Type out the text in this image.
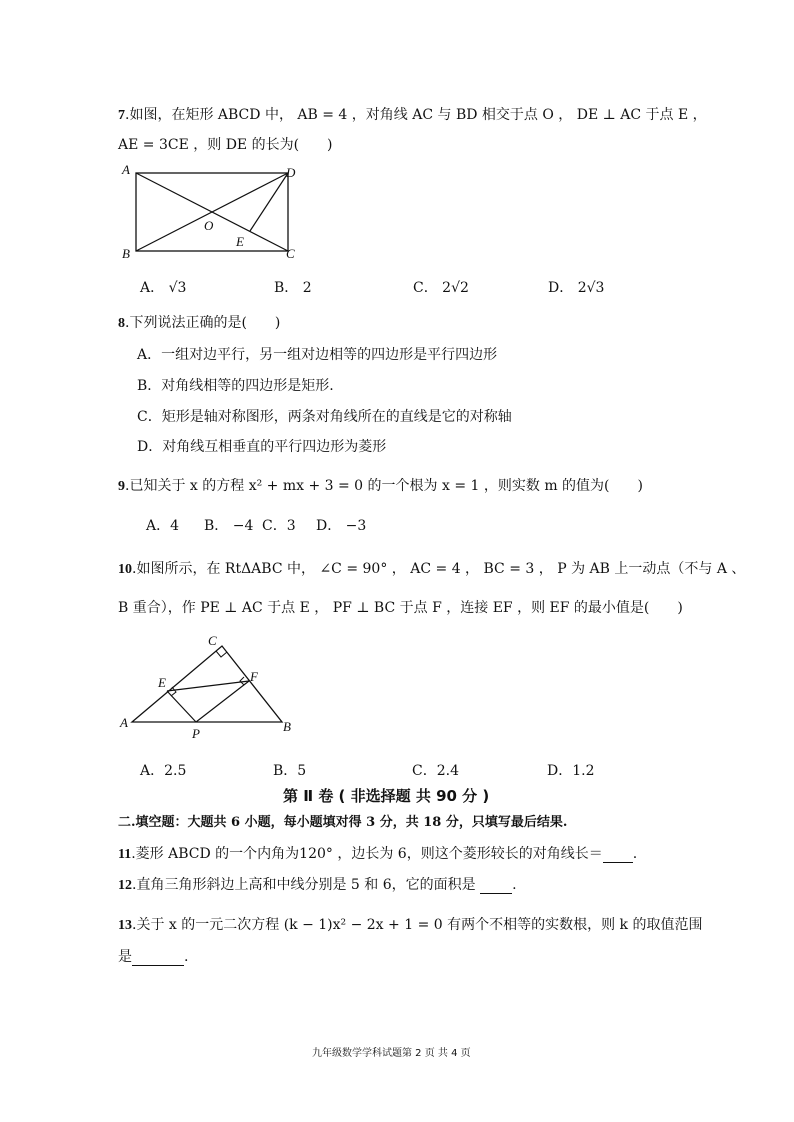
7.如图，在矩形 ABCD 中， AB = 4 ，对角线 AC 与 BD 相交于点 O ， DE ⊥ AC 于点 E ，
AE = 3CE ，则 DE 的长为(　　)
A
B	C
D
O
E
A． √3	B． 2	C． 2√2	D． 2√3
8.下列说法正确的是(　　)
A．一组对边平行，另一组对边相等的四边形是平行四边形
B．对角线相等的四边形是矩形.
C．矩形是轴对称图形，两条对角线所在的直线是它的对称轴
D．对角线互相垂直的平行四边形为菱形
9.已知关于 x 的方程 x² + mx + 3 = 0 的一个根为 x = 1 ，则实数 m 的值为(　　)
A．4 B． −4 C．3 D． −3
10.如图所示，在 RtΔABC 中， ∠C = 90° ， AC = 4 ， BC = 3 ， P 为 AB 上一动点（不与 A 、
B 重合），作 PE ⊥ AC 于点 E ， PF ⊥ BC 于点 F ，连接 EF ，则 EF 的最小值是(　　)
C
E	F
A	B
P
A．2.5	B．5	C．2.4	D．1.2
第 Ⅱ 卷 ( 非选择题 共 90 分 )
二.填空题：大题共 6 小题，每小题填对得 3 分，共 18 分，只填写最后结果.
11.菱形 ABCD 的一个内角为120° ，边长为 6，则这个菱形较长的对角线长＝ .
12.直角三角形斜边上高和中线分别是 5 和 6，它的面积是	.
13.关于 x 的一元二次方程 (k − 1)x² − 2x + 1 = 0 有两个不相等的实数根，则 k 的取值范围
是	.
九年级数学学科试题第 2 页 共 4 页
